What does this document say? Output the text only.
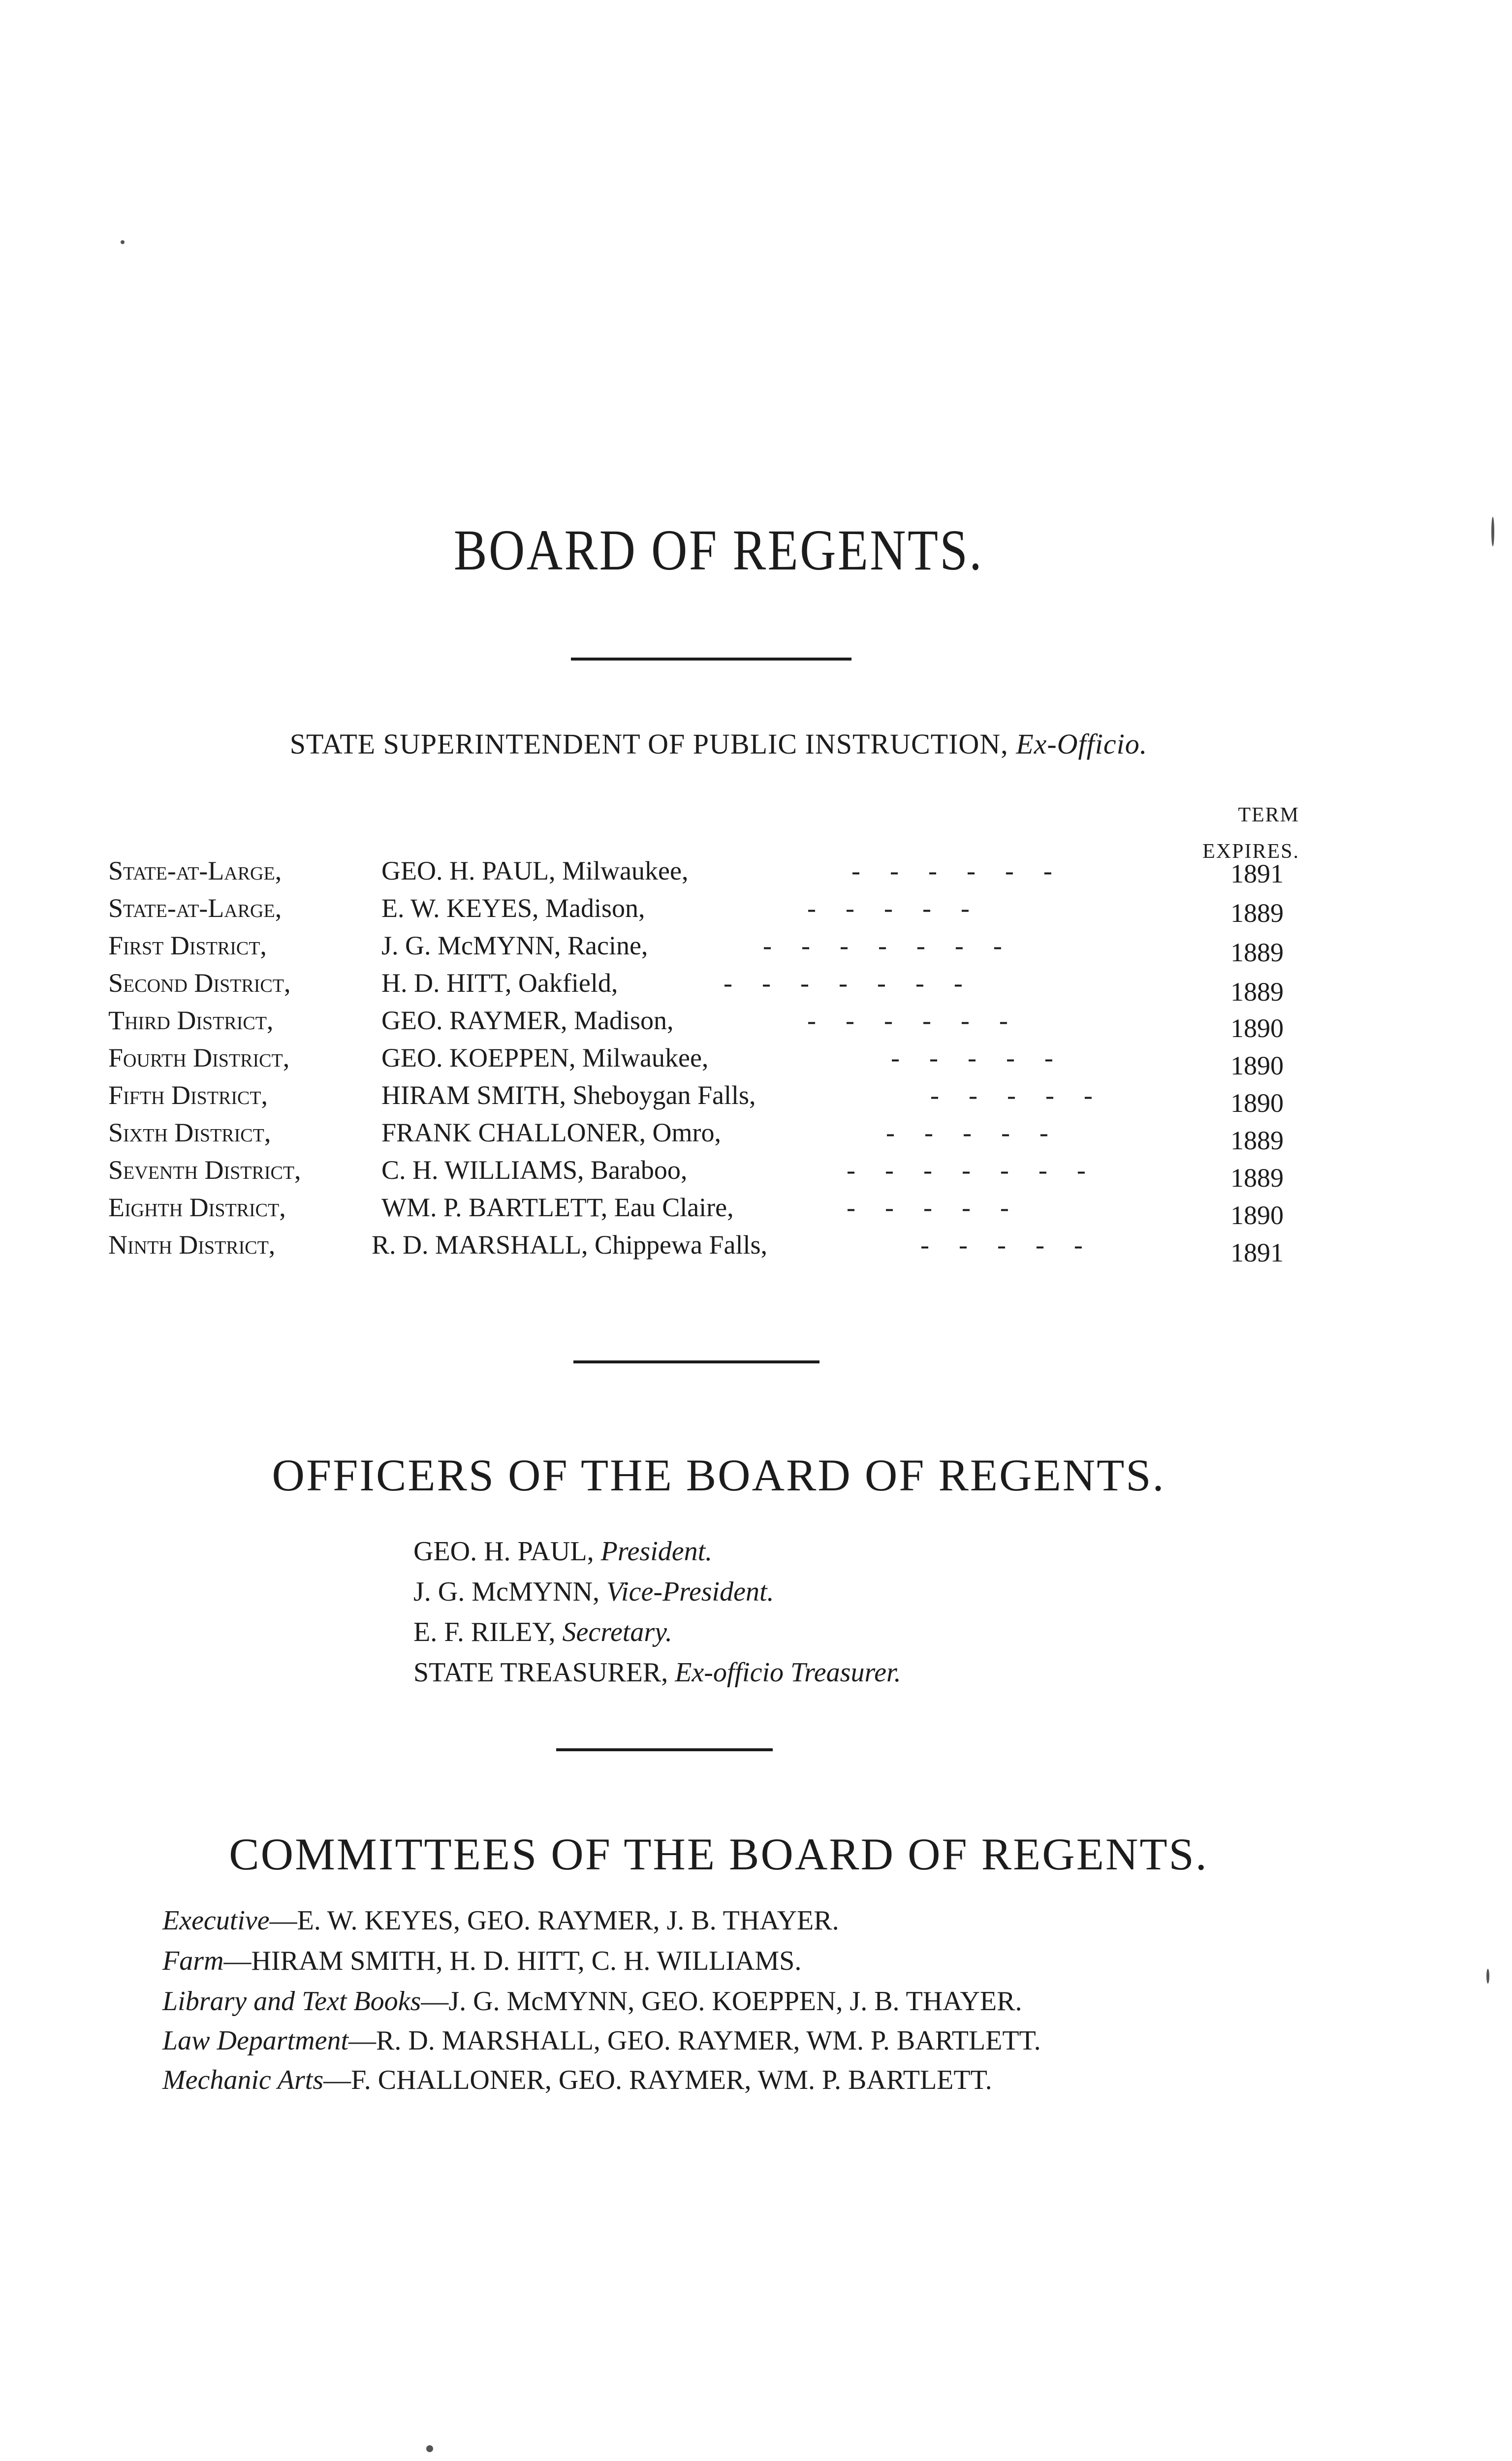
BOARD OF REGENTS.
STATE SUPERINTENDENT OF PUBLIC INSTRUCTION, Ex-Officio.
TERM
EXPIRES.
State-at-Large,	GEO. H. PAUL, Milwaukee,	------	1891
State-at-Large,	E. W. KEYES, Madison,	-----	1889
First District,	J. G. McMYNN, Racine,	-------	1889
Second District,	H. D. HITT, Oakfield,	-------	1889
Third District,	GEO. RAYMER, Madison,	------	1890
Fourth District,	GEO. KOEPPEN, Milwaukee,	-----	1890
Fifth District,	HIRAM SMITH, Sheboygan Falls,	-----	1890
Sixth District,	FRANK CHALLONER, Omro,	-----	1889
Seventh District,	C. H. WILLIAMS, Baraboo,	-------	1889
Eighth District,	WM. P. BARTLETT, Eau Claire,	-----	1890
Ninth District,	R. D. MARSHALL, Chippewa Falls,	-----	1891
OFFICERS OF THE BOARD OF REGENTS.
GEO. H. PAUL, President.
J. G. McMYNN, Vice-President.
E. F. RILEY, Secretary.
STATE TREASURER, Ex-officio Treasurer.
COMMITTEES OF THE BOARD OF REGENTS.
Executive—E. W. KEYES, GEO. RAYMER, J. B. THAYER.
Farm—HIRAM SMITH, H. D. HITT, C. H. WILLIAMS.
Library and Text Books—J. G. McMYNN, GEO. KOEPPEN, J. B. THAYER.
Law Department—R. D. MARSHALL, GEO. RAYMER, WM. P. BARTLETT.
Mechanic Arts—F. CHALLONER, GEO. RAYMER, WM. P. BARTLETT.
